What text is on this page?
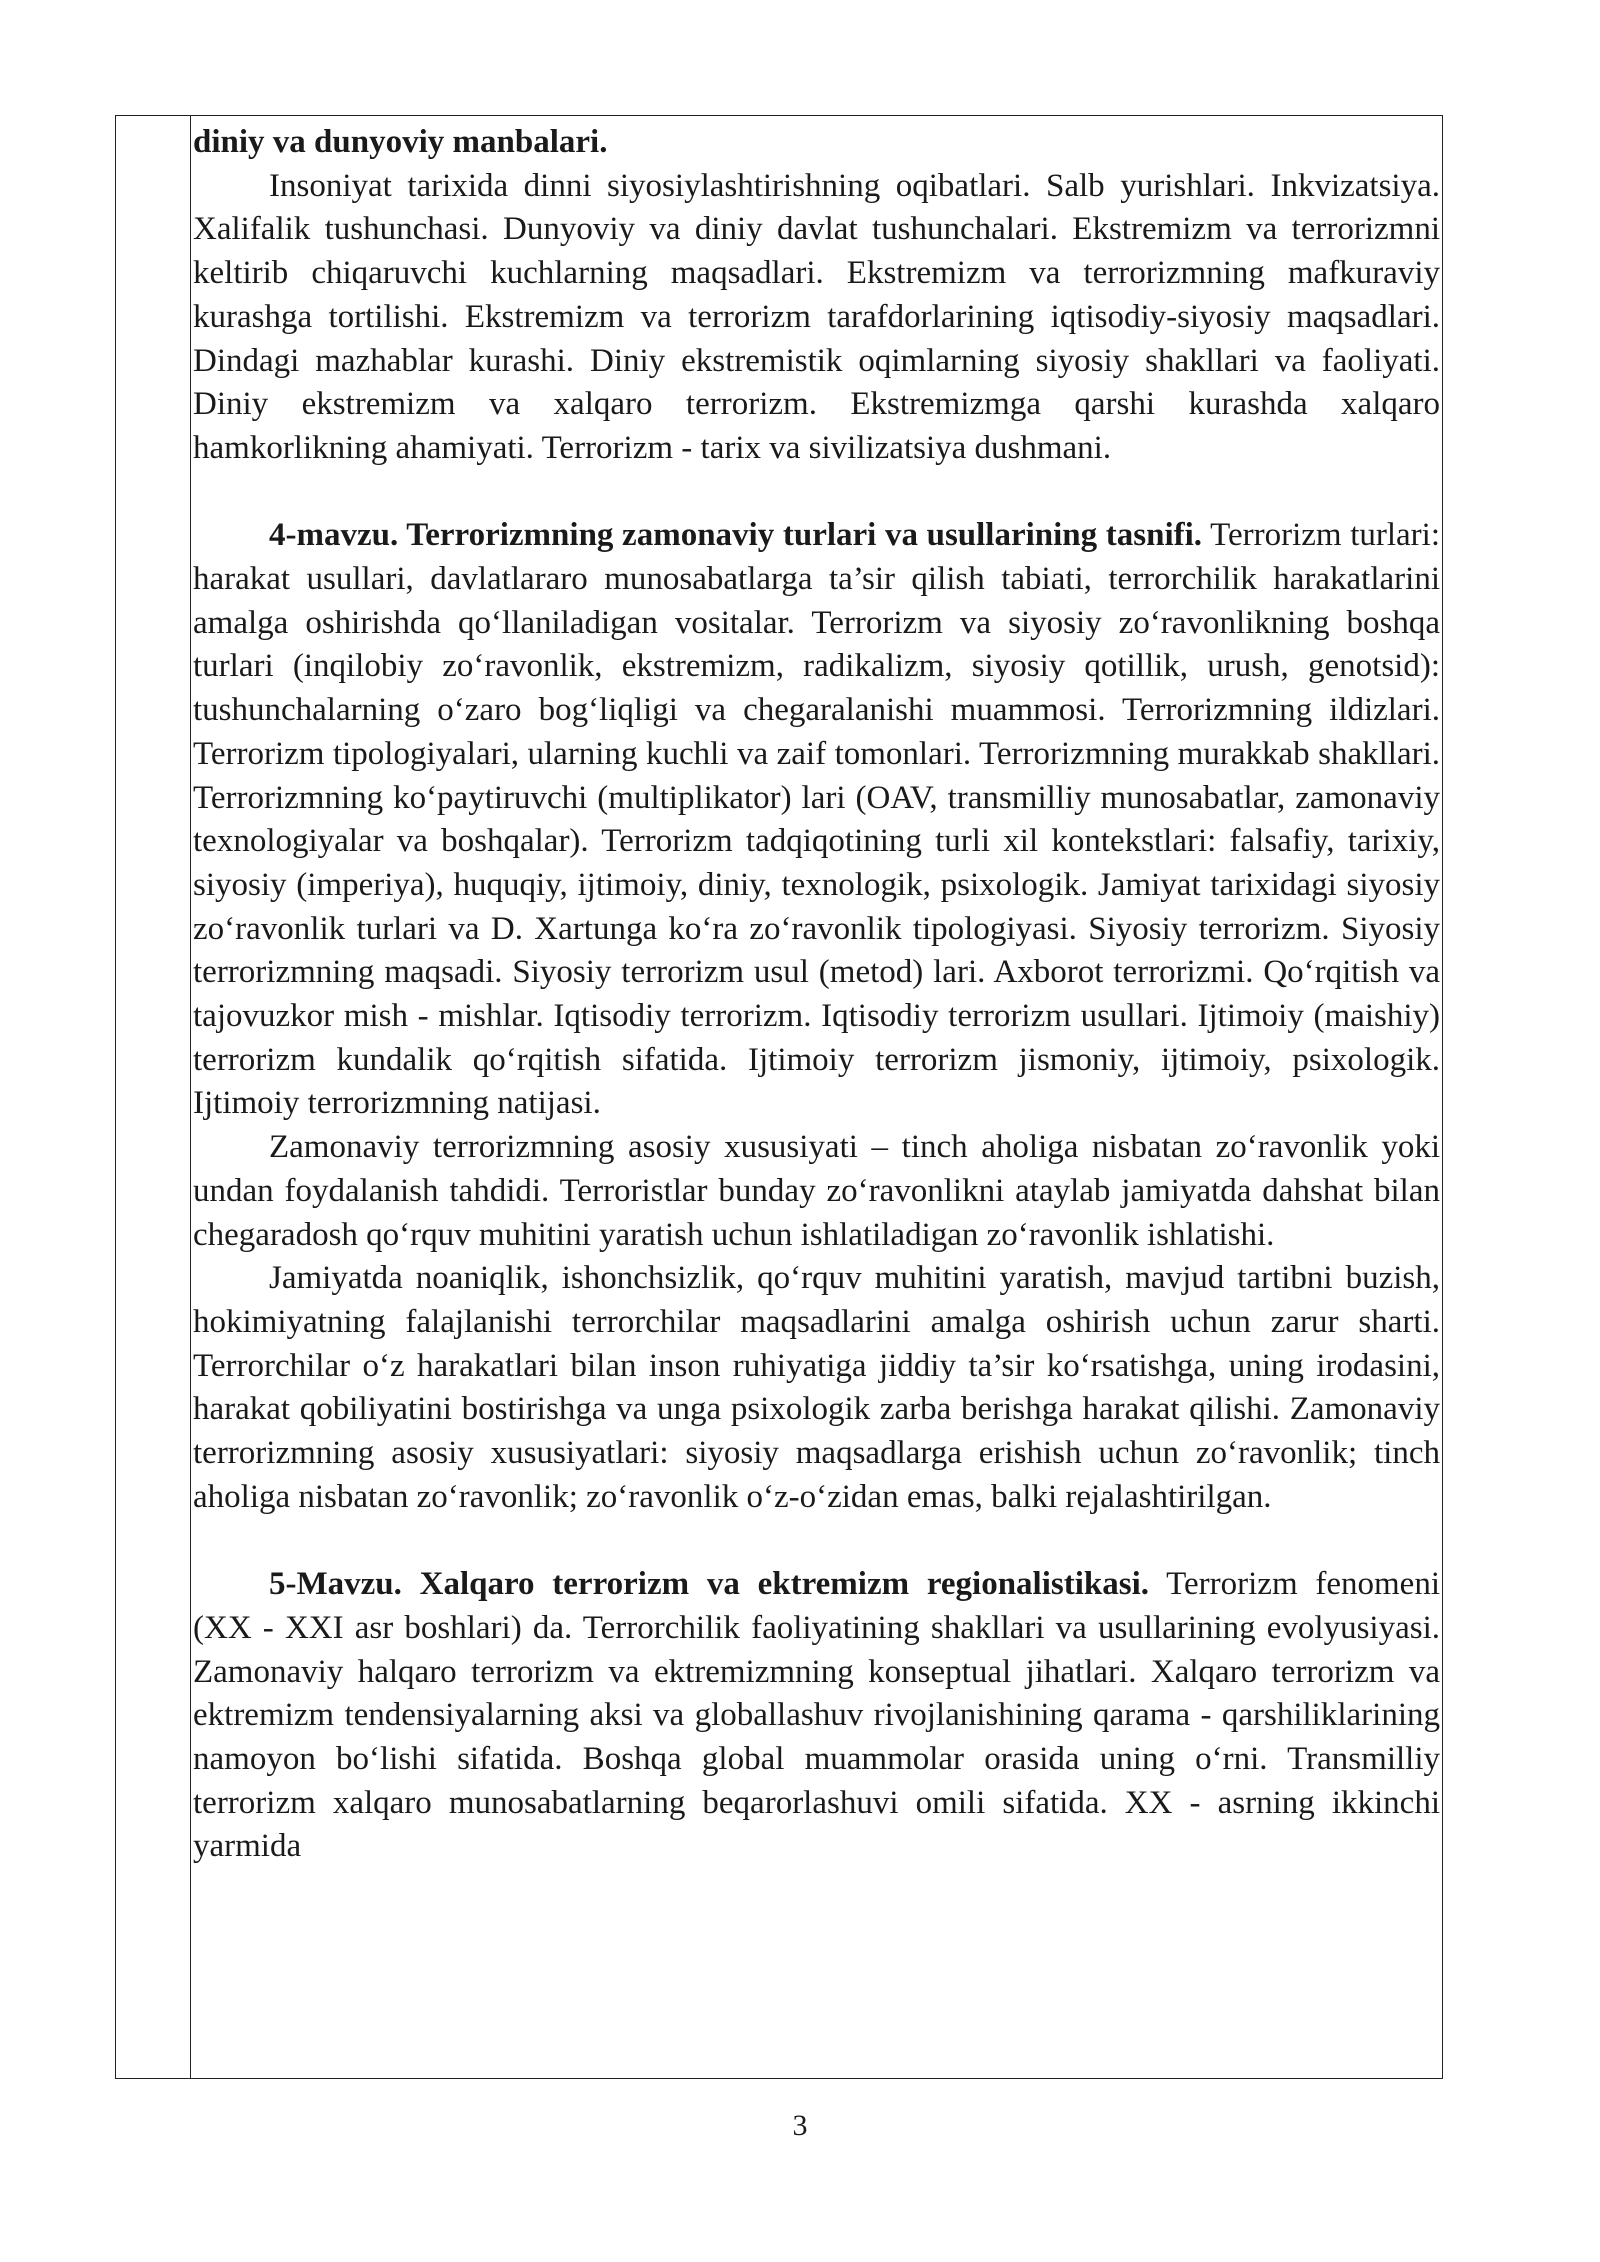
diniy va dunyoviy manbalari.

Insoniyat tarixida dinni siyosiylashtirishning oqibatlari. Salb yurishlari. Inkvizatsiya. Xalifalik tushunchasi. Dunyoviy va diniy davlat tushunchalari. Ekstremizm va terrorizmni keltirib chiqaruvchi kuchlarning maqsadlari. Ekstremizm va terrorizmning mafkuraviy kurashga tortilishi. Ekstremizm va terrorizm tarafdorlarining iqtisodiy-siyosiy maqsadlari. Dindagi mazhablar kurashi. Diniy ekstremistik oqimlarning siyosiy shakllari va faoliyati. Diniy ekstremizm va xalqaro terrorizm. Ekstremizmga qarshi kurashda xalqaro hamkorlikning ahamiyati. Terrorizm - tarix va sivilizatsiya dushmani.

4-mavzu. Terrorizmning zamonaviy turlari va usullarining tasnifi. Terrorizm turlari: harakat usullari, davlatlararo munosabatlarga ta’sir qilish tabiati, terrorchilik harakatlarini amalga oshirishda qo‘llaniladigan vositalar. Terrorizm va siyosiy zo‘ravonlikning boshqa turlari (inqilobiy zo‘ravonlik, ekstremizm, radikalizm, siyosiy qotillik, urush, genotsid): tushunchalarning o‘zaro bog‘liqligi va chegaralanishi muammosi. Terrorizmning ildizlari. Terrorizm tipologiyalari, ularning kuchli va zaif tomonlari. Terrorizmning murakkab shakllari. Terrorizmning ko‘paytiruvchi (multiplikator) lari (OAV, transmilliy munosabatlar, zamonaviy texnologiyalar va boshqalar). Terrorizm tadqiqotining turli xil kontekstlari: falsafiy, tarixiy, siyosiy (imperiya), huquqiy, ijtimoiy, diniy, texnologik, psixologik. Jamiyat tarixidagi siyosiy zo‘ravonlik turlari va D. Xartunga ko‘ra zo‘ravonlik tipologiyasi. Siyosiy terrorizm. Siyosiy terrorizmning maqsadi. Siyosiy terrorizm usul (metod) lari. Axborot terrorizmi. Qo‘rqitish va tajovuzkor mish - mishlar. Iqtisodiy terrorizm. Iqtisodiy terrorizm usullari. Ijtimoiy (maishiy) terrorizm kundalik qo‘rqitish sifatida. Ijtimoiy terrorizm jismoniy, ijtimoiy, psixologik. Ijtimoiy terrorizmning natijasi.

Zamonaviy terrorizmning asosiy xususiyati – tinch aholiga nisbatan zo‘ravonlik yoki undan foydalanish tahdidi. Terroristlar bunday zo‘ravonlikni ataylab jamiyatda dahshat bilan chegaradosh qo‘rquv muhitini yaratish uchun ishlatiladigan zo‘ravonlik ishlatishi.

Jamiyatda noaniqlik, ishonchsizlik, qo‘rquv muhitini yaratish, mavjud tartibni buzish, hokimiyatning falajlanishi terrorchilar maqsadlarini amalga oshirish uchun zarur sharti. Terrorchilar o‘z harakatlari bilan inson ruhiyatiga jiddiy ta’sir ko‘rsatishga, uning irodasini, harakat qobiliyatini bostirishga va unga psixologik zarba berishga harakat qilishi. Zamonaviy terrorizmning asosiy xususiyatlari: siyosiy maqsadlarga erishish uchun zo‘ravonlik; tinch aholiga nisbatan zo‘ravonlik; zo‘ravonlik o‘z-o‘zidan emas, balki rejalashtirilgan.

5-Mavzu. Xalqaro terrorizm va ektremizm regionalistikasi. Terrorizm fenomeni (XX - XXI asr boshlari) da. Terrorchilik faoliyatining shakllari va usullarining evolyusiyasi. Zamonaviy halqaro terrorizm va ektremizmning konseptual jihatlari. Xalqaro terrorizm va ektremizm tendensiyalarning aksi va globallashuv rivojlanishining qarama - qarshiliklarining namoyon bo‘lishi sifatida. Boshqa global muammolar orasida uning o‘rni. Transmilliy terrorizm xalqaro munosabatlarning beqarorlashuvi omili sifatida. XX - asrning ikkinchi yarmida

3
